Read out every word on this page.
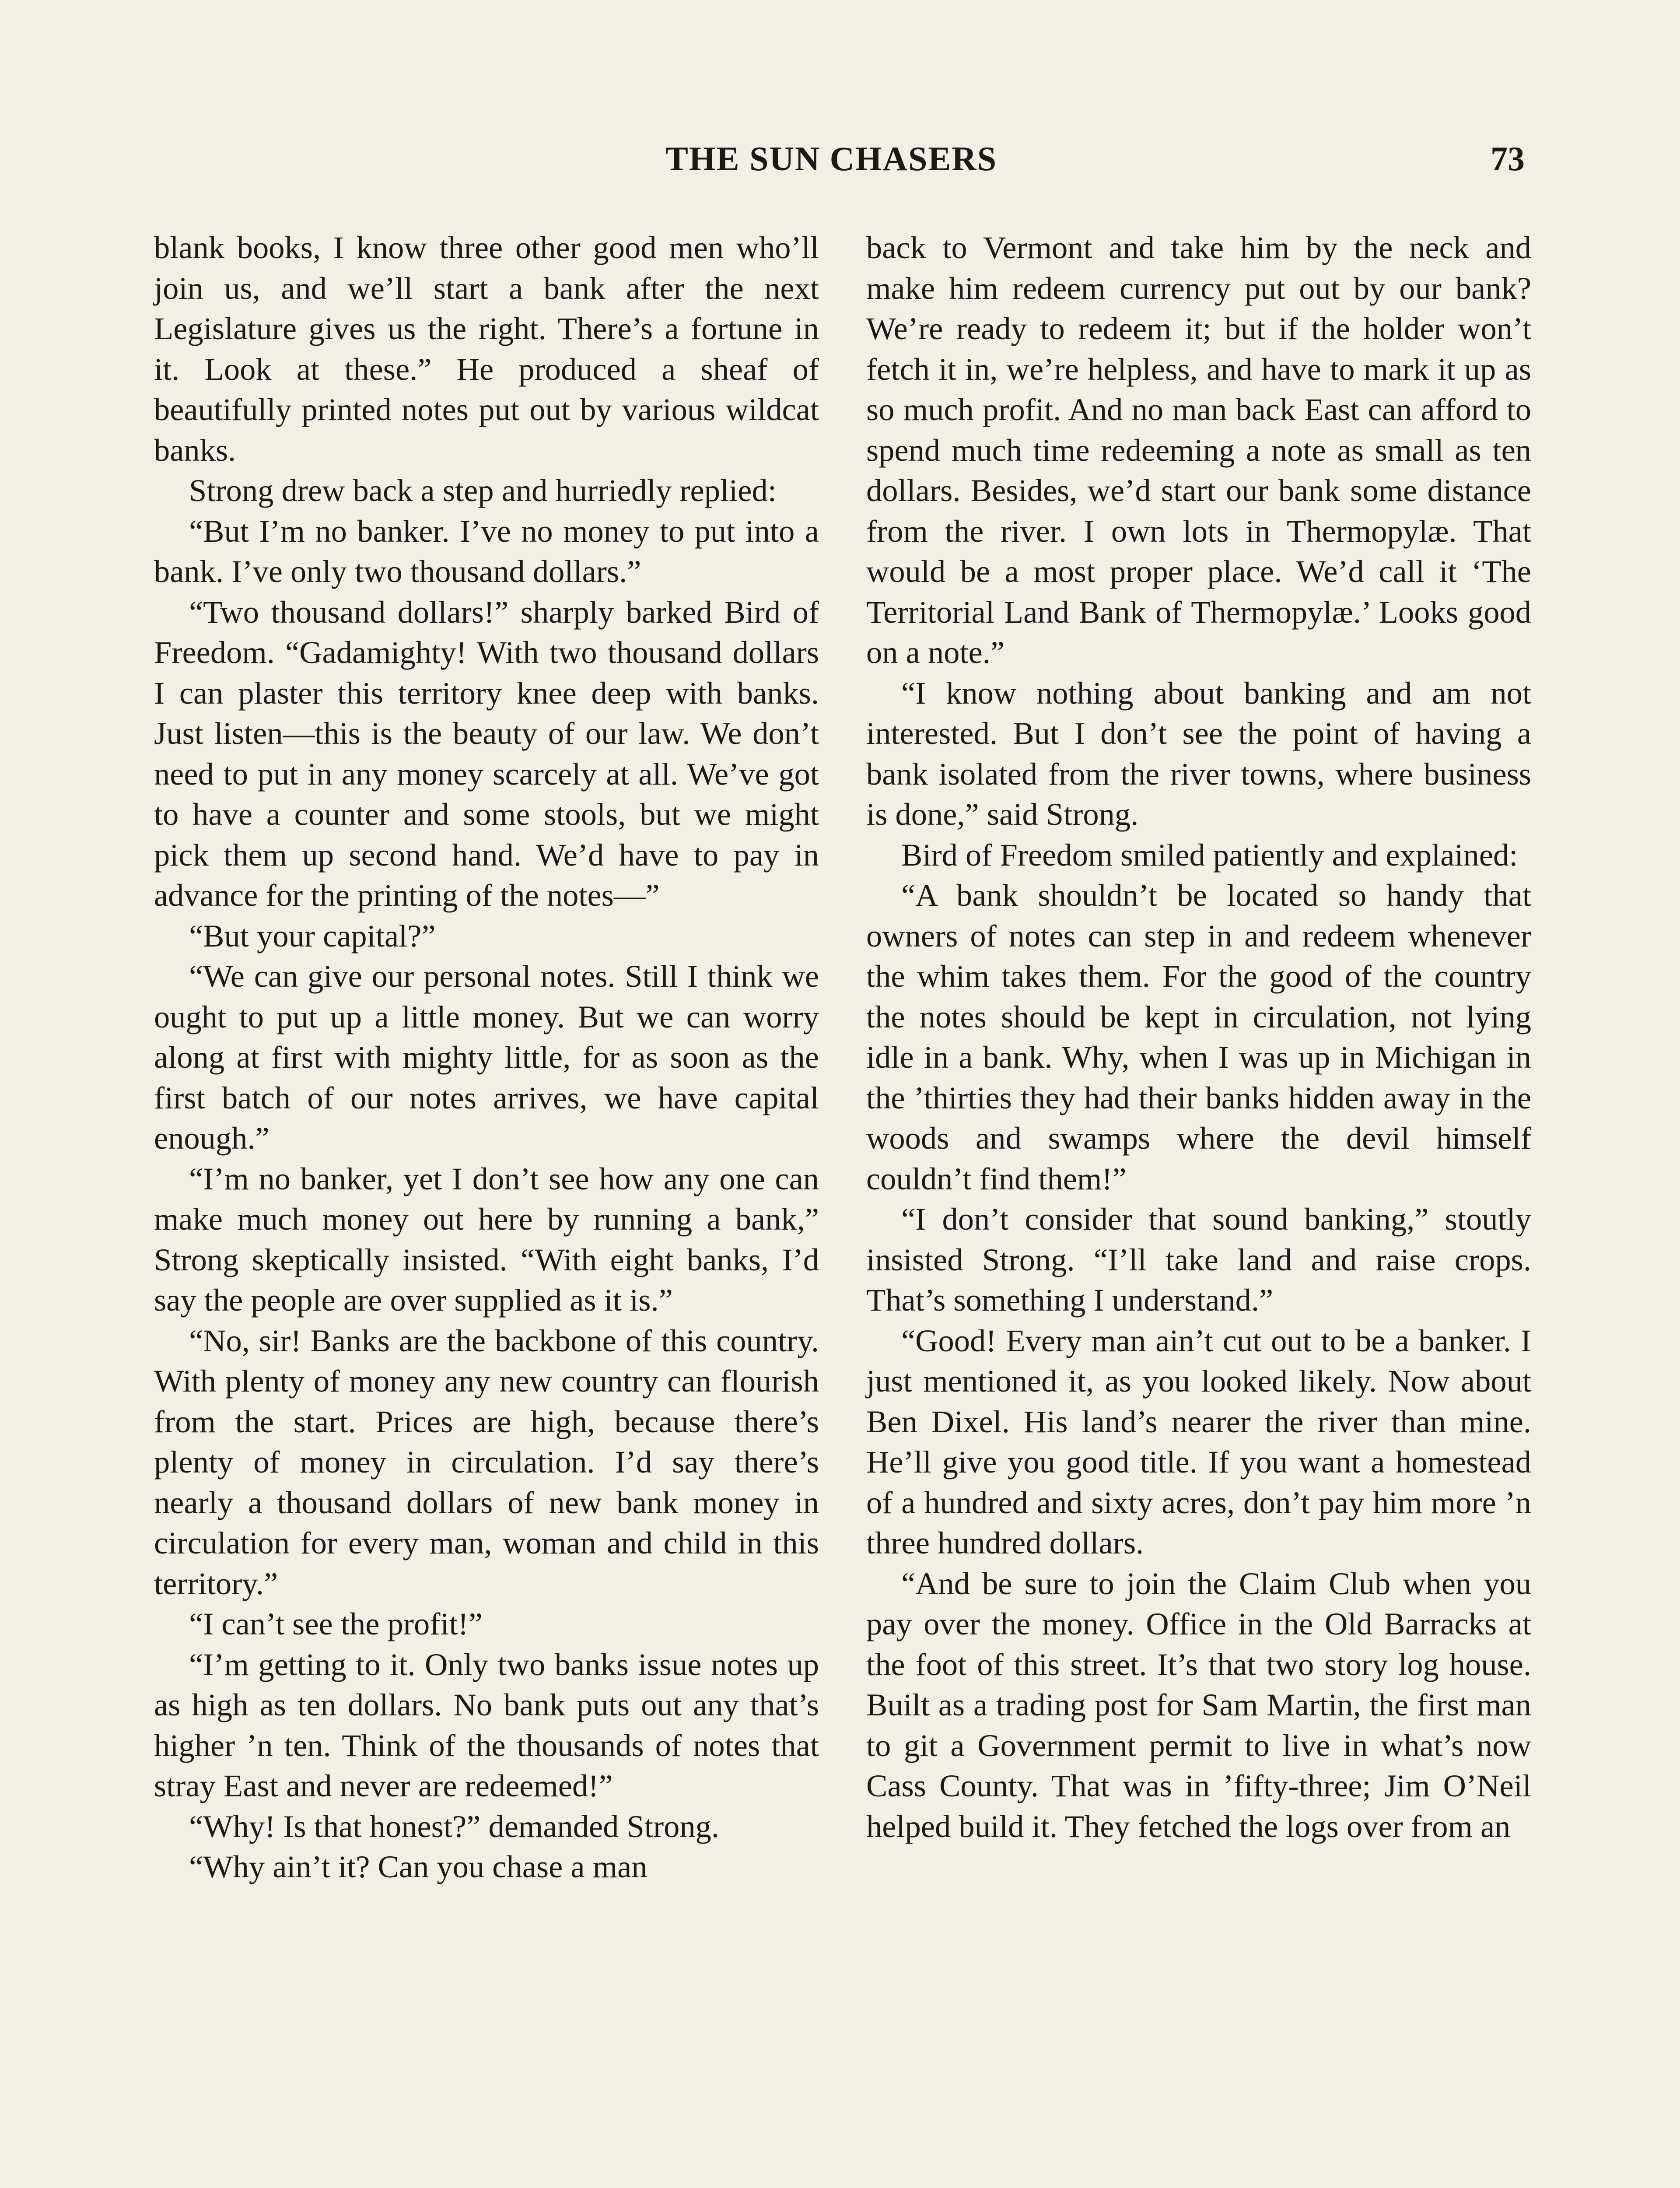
THE SUN CHASERS	73

blank books, I know three other good men who’ll join us, and we’ll start a bank after the next Legislature gives us the right. There’s a fortune in it. Look at these.” He produced a sheaf of beautifully printed notes put out by various wildcat banks.

Strong drew back a step and hurriedly replied:

“But I’m no banker. I’ve no money to put into a bank. I’ve only two thousand dollars.”

“Two thousand dollars!” sharply barked Bird of Freedom. “Gadamighty! With two thousand dollars I can plaster this territory knee deep with banks. Just listen—this is the beauty of our law. We don’t need to put in any money scarcely at all. We’ve got to have a counter and some stools, but we might pick them up second hand. We’d have to pay in advance for the printing of the notes—”

“But your capital?”

“We can give our personal notes. Still I think we ought to put up a little money. But we can worry along at first with mighty little, for as soon as the first batch of our notes arrives, we have capital enough.”

“I’m no banker, yet I don’t see how any one can make much money out here by running a bank,” Strong skeptically insisted. “With eight banks, I’d say the people are over supplied as it is.”

“No, sir! Banks are the backbone of this country. With plenty of money any new country can flourish from the start. Prices are high, because there’s plenty of money in circulation. I’d say there’s nearly a thousand dollars of new bank money in circulation for every man, woman and child in this territory.”

“I can’t see the profit!”

“I’m getting to it. Only two banks issue notes up as high as ten dollars. No bank puts out any that’s higher ’n ten. Think of the thousands of notes that stray East and never are redeemed!”

“Why! Is that honest?” demanded Strong.

“Why ain’t it? Can you chase a man

back to Vermont and take him by the neck and make him redeem currency put out by our bank? We’re ready to redeem it; but if the holder won’t fetch it in, we’re helpless, and have to mark it up as so much profit. And no man back East can afford to spend much time redeeming a note as small as ten dollars. Besides, we’d start our bank some distance from the river. I own lots in Thermopylæ. That would be a most proper place. We’d call it ‘The Territorial Land Bank of Thermopylæ.’ Looks good on a note.”

“I know nothing about banking and am not interested. But I don’t see the point of having a bank isolated from the river towns, where business is done,” said Strong.

Bird of Freedom smiled patiently and explained:

“A bank shouldn’t be located so handy that owners of notes can step in and redeem whenever the whim takes them. For the good of the country the notes should be kept in circulation, not lying idle in a bank. Why, when I was up in Michigan in the ’thirties they had their banks hidden away in the woods and swamps where the devil himself couldn’t find them!”

“I don’t consider that sound banking,” stoutly insisted Strong. “I’ll take land and raise crops. That’s something I understand.”

“Good! Every man ain’t cut out to be a banker. I just mentioned it, as you looked likely. Now about Ben Dixel. His land’s nearer the river than mine. He’ll give you good title. If you want a homestead of a hundred and sixty acres, don’t pay him more ’n three hundred dollars.

“And be sure to join the Claim Club when you pay over the money. Office in the Old Barracks at the foot of this street. It’s that two story log house. Built as a trading post for Sam Martin, the first man to git a Government permit to live in what’s now Cass County. That was in ’fifty-three; Jim O’Neil helped build it. They fetched the logs over from an
